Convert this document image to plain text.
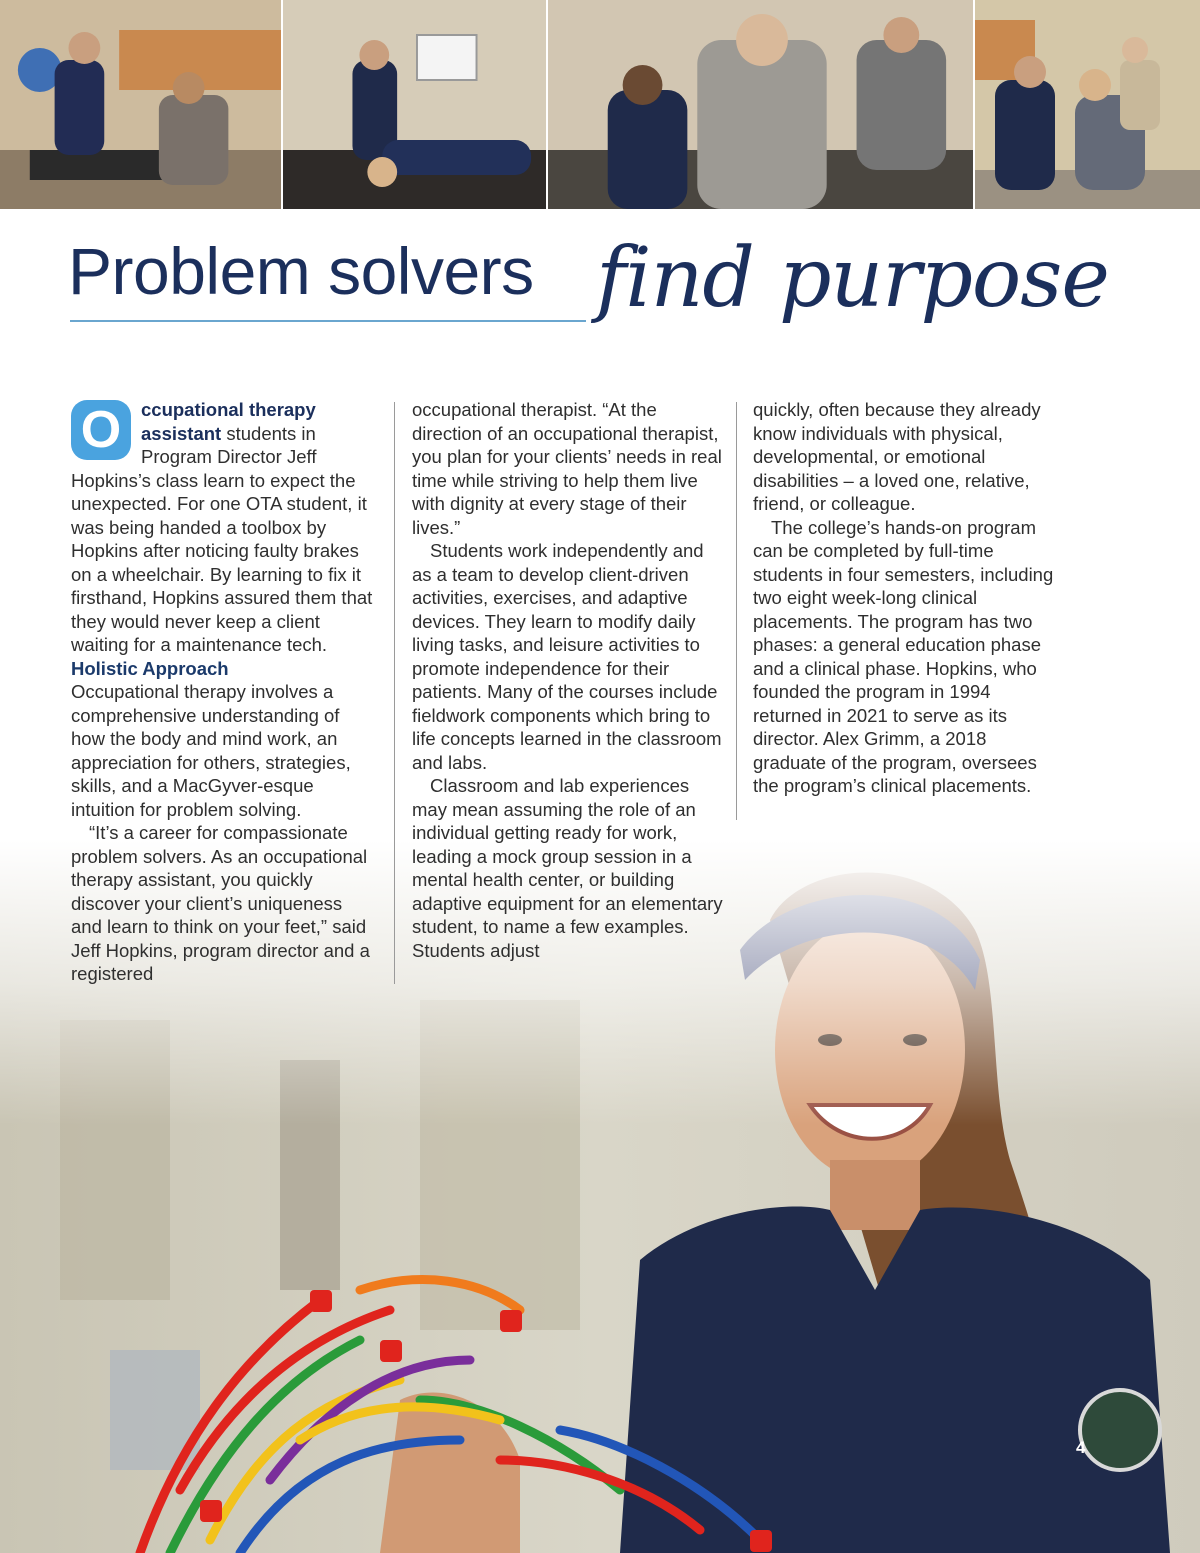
Problem solvers find purpose

O	ccupational therapy assistant students in Program Director Jeff Hopkins’s class learn to expect the unexpected. For one OTA student, it was being handed a toolbox by Hopkins after noticing faulty brakes on a wheelchair. By learning to fix it firsthand, Hopkins assured them that they would never keep a client waiting for a maintenance tech.

Holistic Approach

Occupational therapy involves a comprehensive understanding of how the body and mind work, an appreciation for others, strategies, skills, and a MacGyver-esque intuition for problem solving.

“It’s a career for compassionate problem solvers. As an occupational therapy assistant, you quickly discover your client’s uniqueness and learn to think on your feet,” said Jeff Hopkins, program director and a registered

occupational therapist. “At the direction of an occupational therapist, you plan for your clients’ needs in real time while striving to help them live with dignity at every stage of their lives.”

Students work independently and as a team to develop client-driven activities, exercises, and adaptive devices. They learn to modify daily living tasks, and leisure activities to promote independence for their patients. Many of the courses include fieldwork components which bring to life concepts learned in the classroom and labs.

Classroom and lab experiences may mean assuming the role of an individual getting ready for work, leading a mock group session in a mental health center, or building adaptive equipment for an elementary student, to name a few examples. Students adjust

quickly, often because they already know individuals with physical, developmental, or emotional disabilities – a loved one, relative, friend, or colleague.

The college’s hands-on program can be completed by full-time students in four semesters, including two eight week-long clinical placements. The program has two phases: a general education phase and a clinical phase. Hopkins, who founded the program in 1994 returned in 2021 to serve as its director. Alex Grimm, a 2018 graduate of the program, oversees the program’s clinical placements.

4
